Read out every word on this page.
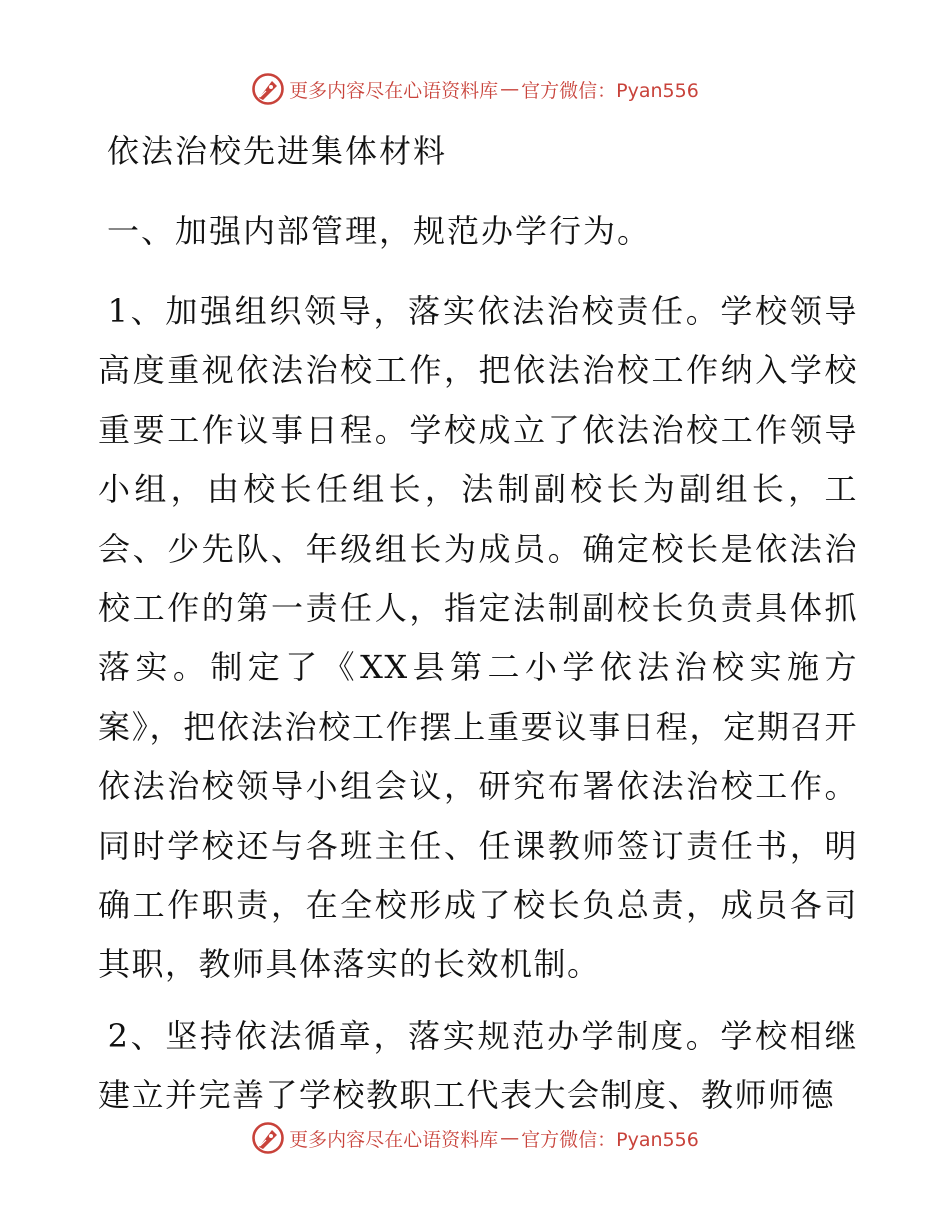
更多内容尽在心语资料库 — 官方微信：Pyan556
依法治校先进集体材料
一、加强内部管理，规范办学行为。

1、加强组织领导，落实依法治校责任。学校领导高度重视依法治校工作，把依法治校工作纳入学校重要工作议事日程。学校成立了依法治校工作领导小组，由校长任组长，法制副校长为副组长，工会、少先队、年级组长为成员。确定校长是依法治校工作的第一责任人，指定法制副校长负责具体抓落实。制定了《XX县第二小学依法治校实施方案》，把依法治校工作摆上重要议事日程，定期召开依法治校领导小组会议，研究布署依法治校工作。同时学校还与各班主任、任课教师签订责任书，明确工作职责，在全校形成了校长负总责，成员各司其职，教师具体落实的长效机制。

2、坚持依法循章，落实规范办学制度。学校相继建立并完善了学校教职工代表大会制度、教师师德

更多内容尽在心语资料库 — 官方微信：Pyan556
